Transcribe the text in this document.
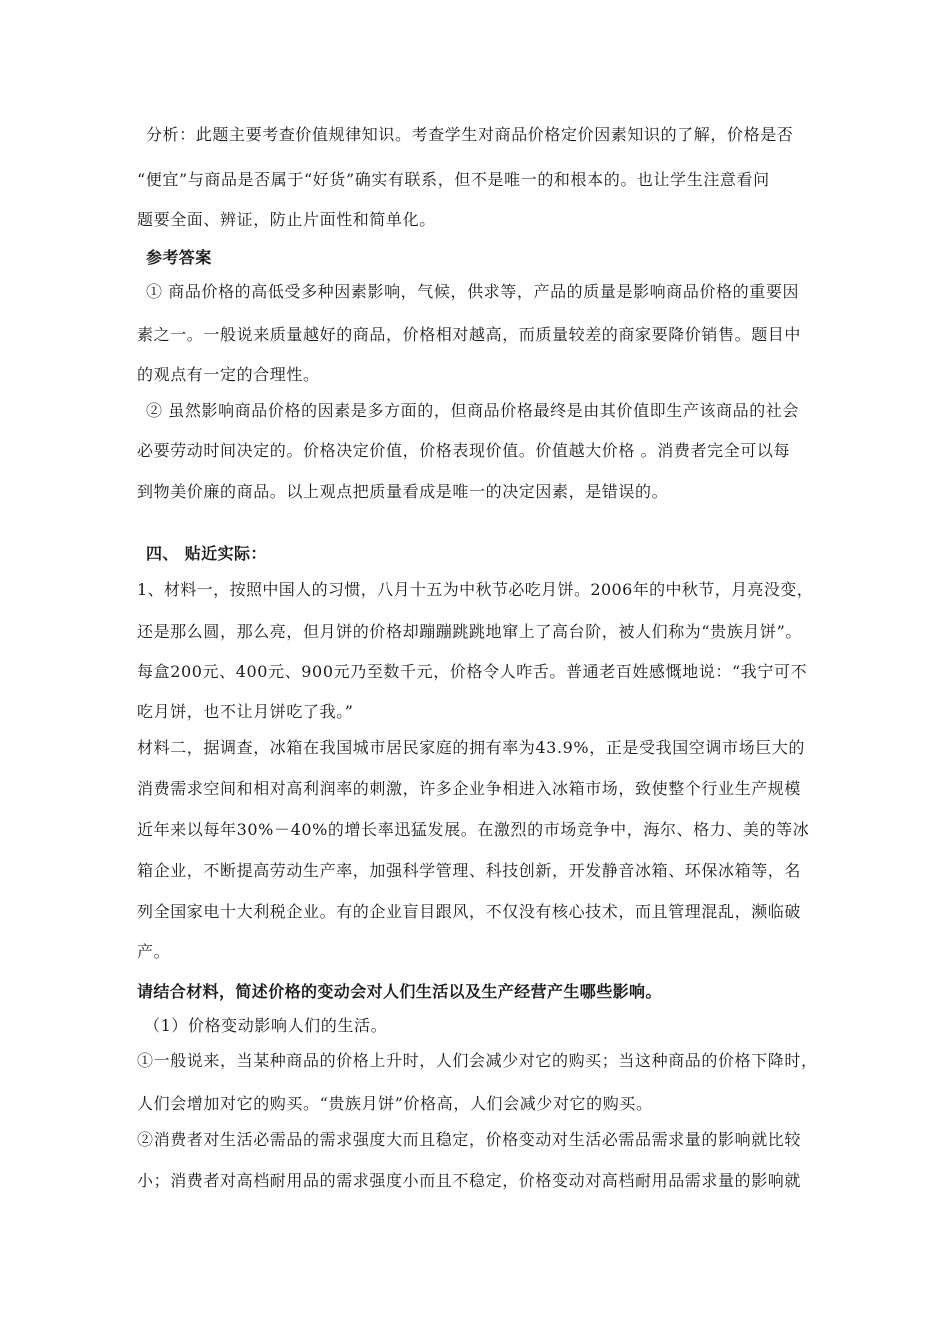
分析：此题主要考查价值规律知识。考查学生对商品价格定价因素知识的了解，价格是否
“便宜”与商品是否属于“好货”确实有联系，但不是唯一的和根本的。也让学生注意看问
题要全面、辨证，防止片面性和简单化。
参考答案
① 商品价格的高低受多种因素影响，气候，供求等，产品的质量是影响商品价格的重要因
素之一。一般说来质量越好的商品，价格相对越高，而质量较差的商家要降价销售。题目中
的观点有一定的合理性。
② 虽然影响商品价格的因素是多方面的，但商品价格最终是由其价值即生产该商品的社会
必要劳动时间决定的。价格决定价值，价格表现价值。价值越大价格 。消费者完全可以每
到物美价廉的商品。以上观点把质量看成是唯一的决定因素，是错误的。
四、 贴近实际：
1、材料一，按照中国人的习惯，八月十五为中秋节必吃月饼。2006年的中秋节，月亮没变，
还是那么圆，那么亮，但月饼的价格却蹦蹦跳跳地窜上了高台阶，被人们称为“贵族月饼”。
每盒200元、400元、900元乃至数千元，价格令人咋舌。普通老百姓感慨地说：“我宁可不
吃月饼，也不让月饼吃了我。”
材料二，据调查，冰箱在我国城市居民家庭的拥有率为43.9%，正是受我国空调市场巨大的
消费需求空间和相对高利润率的刺激，许多企业争相进入冰箱市场，致使整个行业生产规模
近年来以每年30%－40%的增长率迅猛发展。在激烈的市场竞争中，海尔、格力、美的等冰
箱企业，不断提高劳动生产率，加强科学管理、科技创新，开发静音冰箱、环保冰箱等，名
列全国家电十大利税企业。有的企业盲目跟风，不仅没有核心技术，而且管理混乱，濒临破
产。
请结合材料，简述价格的变动会对人们生活以及生产经营产生哪些影响。
（1）价格变动影响人们的生活。
①一般说来，当某种商品的价格上升时，人们会减少对它的购买；当这种商品的价格下降时，
人们会增加对它的购买。“贵族月饼”价格高，人们会减少对它的购买。
②消费者对生活必需品的需求强度大而且稳定，价格变动对生活必需品需求量的影响就比较
小；消费者对高档耐用品的需求强度小而且不稳定，价格变动对高档耐用品需求量的影响就
